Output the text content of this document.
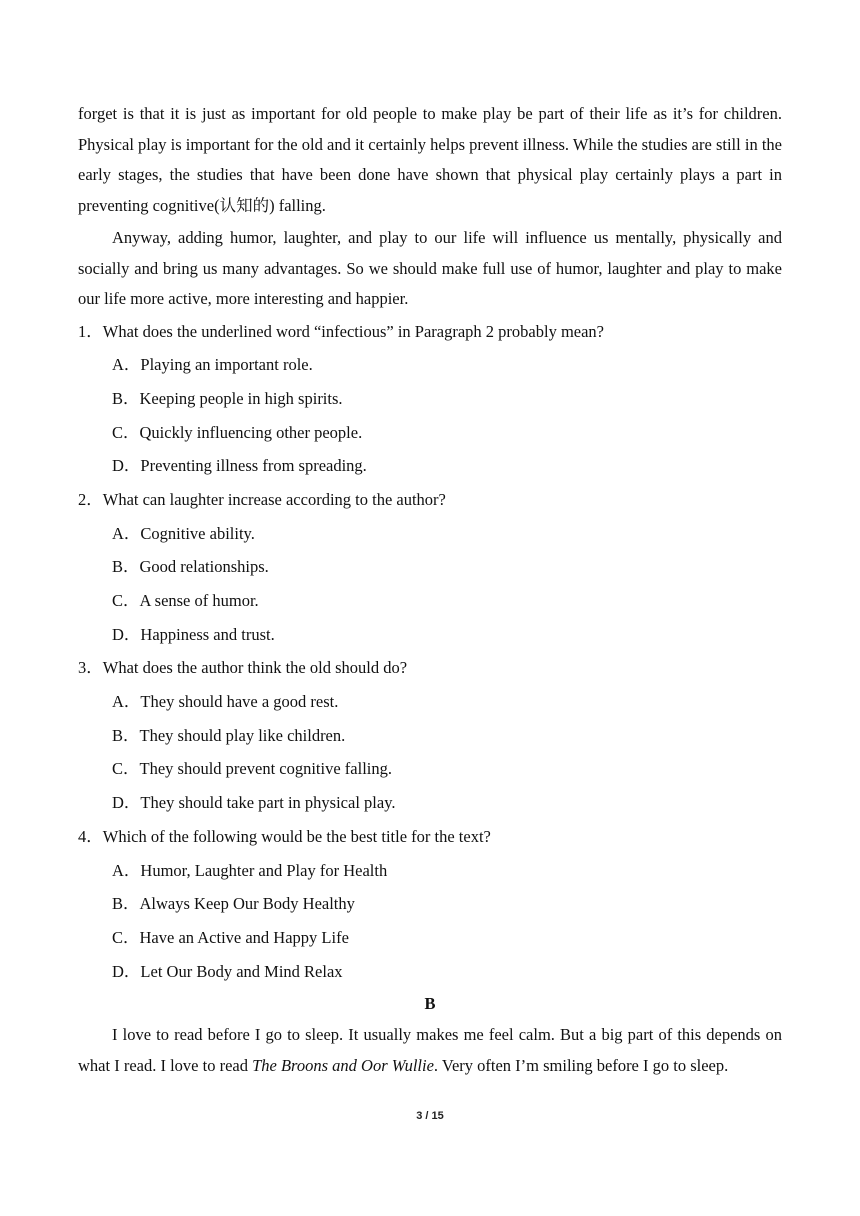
forget is that it is just as important for old people to make play be part of their life as it’s for children. Physical play is important for the old and it certainly helps prevent illness. While the studies are still in the early stages, the studies that have been done have shown that physical play certainly plays a part in preventing cognitive(认知的) falling.

Anyway, adding humor, laughter, and play to our life will influence us mentally, physically and socially and bring us many advantages. So we should make full use of humor, laughter and play to make our life more active, more interesting and happier.

1．What does the underlined word “infectious” in Paragraph 2 probably mean?
A．Playing an important role.
B．Keeping people in high spirits.
C．Quickly influencing other people.
D．Preventing illness from spreading.
2．What can laughter increase according to the author?
A．Cognitive ability.
B．Good relationships.
C．A sense of humor.
D．Happiness and trust.
3．What does the author think the old should do?
A．They should have a good rest.
B．They should play like children.
C．They should prevent cognitive falling.
D．They should take part in physical play.
4．Which of the following would be the best title for the text?
A．Humor, Laughter and Play for Health
B．Always Keep Our Body Healthy
C．Have an Active and Happy Life
D．Let Our Body and Mind Relax
B

I love to read before I go to sleep. It usually makes me feel calm. But a big part of this depends on what I read. I love to read The Broons and Oor Wullie. Very often I’m smiling before I go to sleep.

3 / 15
